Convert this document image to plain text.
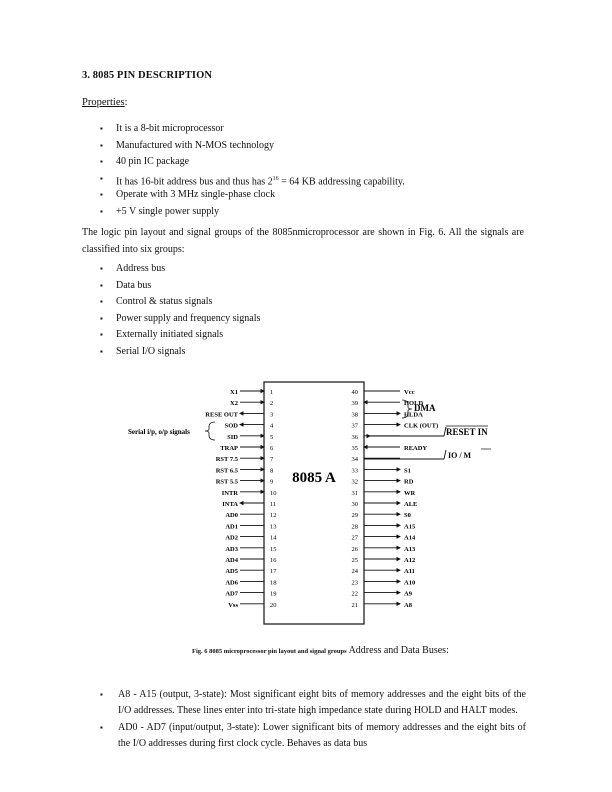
3. 8085 PIN DESCRIPTION
Properties:
▪ It is a 8-bit microprocessor
▪ Manufactured with N-MOS technology
▪ 40 pin IC package
▪ It has 16-bit address bus and thus has $2^{16} = 64$ KB addressing capability.
▪ Operate with 3 MHz single-phase clock
▪ +5 V single power supply
The logic pin layout and signal groups of the 8085nmicroprocessor are shown in Fig. 6. All the signals are classified into six groups:
▪ Address bus
▪ Data bus
▪ Control & status signals
▪ Power supply and frequency signals
▪ Externally initiated signals
▪ Serial I/O signals
8085 A
1
X1
2
X2
3
RESE OUT
4
SOD
5
SID
6
TRAP
7
RST 7.5
8
RST 6.5
9
RST 5.5
10
INTR
11
INTA
12
AD0
13
AD1
14
AD2
15
AD3
16
AD4
17
AD5
18
AD6
19
AD7
20
Vss
40	Vcc
39	HOLD
38	HLDA
37	CLK (OUT)
36
35	READY
34
33	S1
32	RD
31	WR
30	ALE
29	S0
28	A15
27	A14
26	A13
25	A12
24	A11
23	A10
22	A9
21	A8
Serial i/p, o/p signals
DMA
RESET IN
IO / M
Fig. 6 8085 microprocessor pin layout and signal groups Address and Data Buses:
▪ A8 - A15 (output, 3-state): Most significant eight bits of memory addresses and the eight bits of the I/O addresses. These lines enter into tri-state high impedance state during HOLD and HALT modes.
▪ AD0 - AD7 (input/output, 3-state): Lower significant bits of memory addresses and the eight bits of the I/O addresses during first clock cycle. Behaves as data bus
